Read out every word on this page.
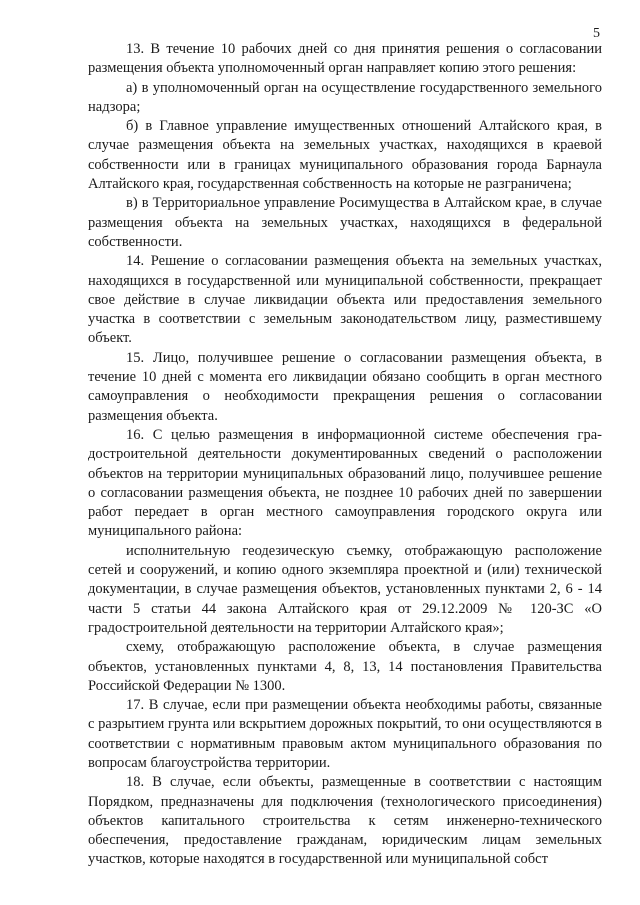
5

13. В течение 10 рабочих дней со дня принятия решения о согласовании размещения объекта уполномоченный орган направляет копию этого решения:

а) в уполномоченный орган на осуществление государственного земельного надзора;

б) в Главное управление имущественных отношений Алтайского края, в случае размещения объекта на земельных участках, находящихся в краевой собственности или в границах муниципального образования города Барнаула Алтайского края, государственная собственность на которые не разграничена;

в) в Территориальное управление Росимущества в Алтайском крае, в случае размещения объекта на земельных участках, находящихся в федеральной собственности.

14. Решение о согласовании размещения объекта на земельных участках, находящихся в государственной или муниципальной собственности, прекращает свое действие в случае ликвидации объекта или предоставления земельного участка в соответствии с земельным законодательством лицу, разместившему объект.

15. Лицо, получившее решение о согласовании размещения объекта, в течение 10 дней с момента его ликвидации обязано сообщить в орган местного самоуправления о необходимости прекращения решения о согласовании размещения объекта.

16. С целью размещения в информационной системе обеспечения градостроительной деятельности документированных сведений о расположении объектов на территории муниципальных образований лицо, получившее решение о согласовании размещения объекта, не позднее 10 рабочих дней по завершении работ передает в орган местного самоуправления городского округа или муниципального района:

исполнительную геодезическую съемку, отображающую расположение сетей и сооружений, и копию одного экземпляра проектной и (или) технической документации, в случае размещения объектов, установленных пунктами 2, 6 - 14 части 5 статьи 44 закона Алтайского края от 29.12.2009 № 120-ЗС «О градостроительной деятельности на территории Алтайского края»;

схему, отображающую расположение объекта, в случае размещения объектов, установленных пунктами 4, 8, 13, 14 постановления Правительства Российской Федерации № 1300.

17. В случае, если при размещении объекта необходимы работы, связанные с разрытием грунта или вскрытием дорожных покрытий, то они осуществляются в соответствии с нормативным правовым актом муниципального образования по вопросам благоустройства территории.

18. В случае, если объекты, размещенные в соответствии с настоящим Порядком, предназначены для подключения (технологического присоединения) объектов капитального строительства к сетям инженерно-технического обеспечения, предоставление гражданам, юридическим лицам земельных участков, которые находятся в государственной или муниципальной собст
